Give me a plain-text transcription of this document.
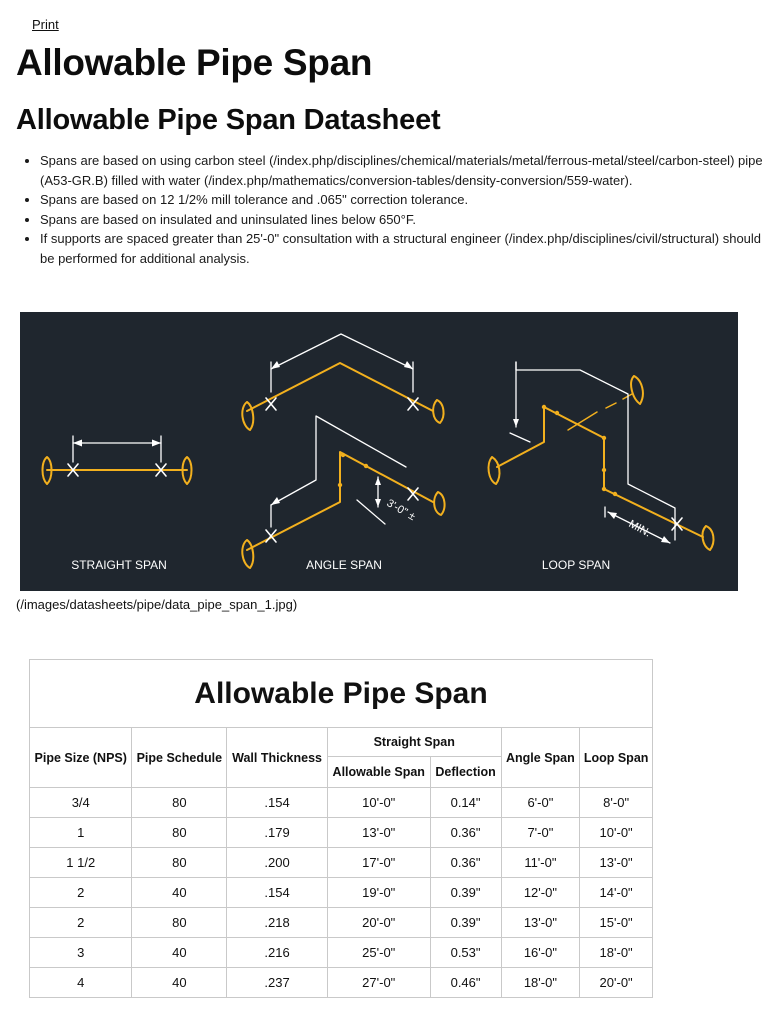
Print
Allowable Pipe Span
Allowable Pipe Span Datasheet
• Spans are based on using carbon steel (/index.php/disciplines/chemical/materials/metal/ferrous-metal/steel/carbon-steel) pipe (A53-GR.B) filled with water (/index.php/mathematics/conversion-tables/density-conversion/559-water).
• Spans are based on 12 1/2% mill tolerance and .065" correction tolerance.
• Spans are based on insulated and uninsulated lines below 650°F.
• If supports are spaced greater than 25'-0" consultation with a structural engineer (/index.php/disciplines/civil/structural) should be performed for additional analysis.
3'-0" ±
MIN.
STRAIGHT SPAN	ANGLE SPAN	LOOP SPAN
(/images/datasheets/pipe/data_pipe_span_1.jpg)
Allowable Pipe Span						
Pipe Size (NPS)	Pipe Schedule	Wall Thickness	Straight Span		Angle Span	Loop Span
			Allowable Span	Deflection		
3/4	80	.154	10'-0"	0.14"	6'-0"	8'-0"
1	80	.179	13'-0"	0.36"	7'-0"	10'-0"
1 1/2	80	.200	17'-0"	0.36"	11'-0"	13'-0"
2	40	.154	19'-0"	0.39"	12'-0"	14'-0"
2	80	.218	20'-0"	0.39"	13'-0"	15'-0"
3	40	.216	25'-0"	0.53"	16'-0"	18'-0"
4	40	.237	27'-0"	0.46"	18'-0"	20'-0"
